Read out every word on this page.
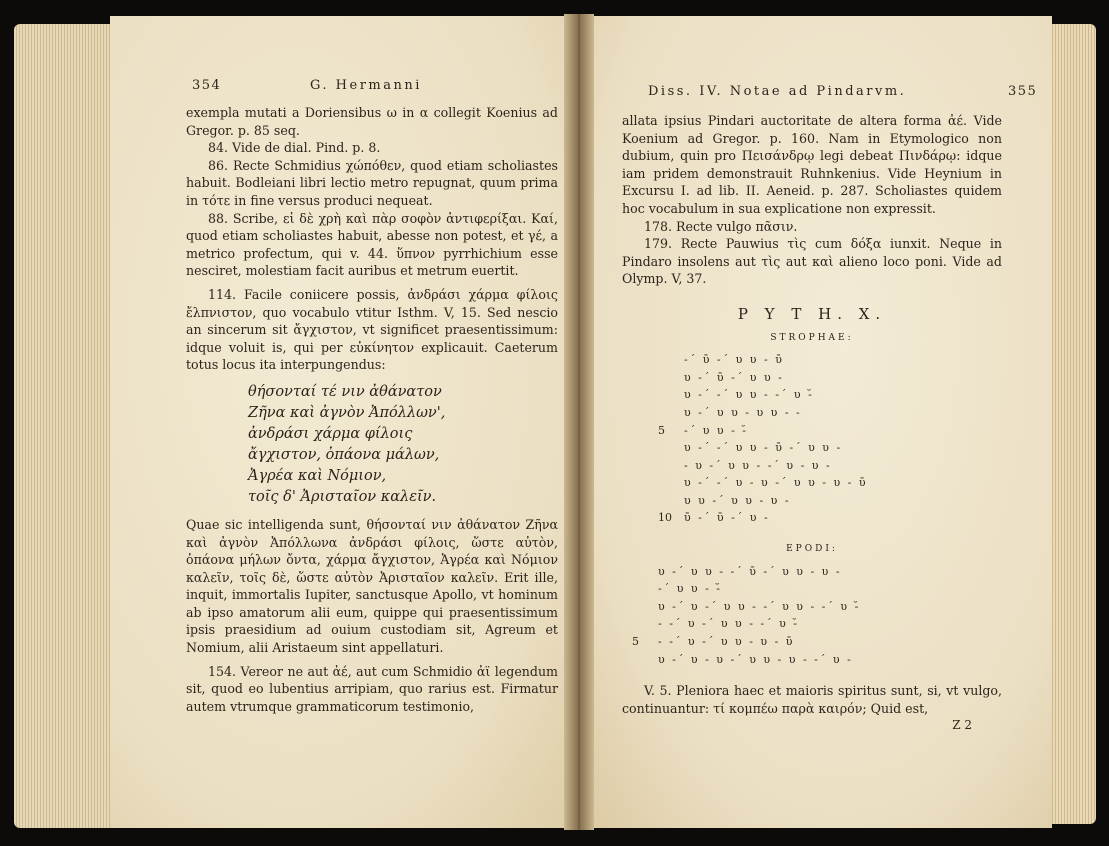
354	G. Hermanni

exempla mutati a Doriensibus ω in α collegit Koenius ad Gregor. p. 85 seq.

84. Vide de dial. Pind. p. 8.

86. Recte Schmidius χώπόθεν, quod etiam scholiastes habuit. Bodleiani libri lectio metro repugnat, quum prima in τότε in fine versus produci nequeat.

88. Scribe, εἰ δὲ χρὴ καὶ πὰρ σοφὸν ἀντιφερίξαι. Καί, quod etiam scholiastes habuit, abesse non potest, et γέ, a metrico profectum, qui v. 44. ὕπνον pyrrhichium esse nesciret, molestiam facit auribus et metrum euertit.

114. Facile coniicere possis, ἀνδράσι χάρμα φίλοις ἔλπνιστον, quo vocabulo vtitur Isthm. V, 15. Sed nescio an sincerum sit ἄγχιστον, vt significet praesentissimum: idque voluit is, qui per εὐκίνητον explicauit. Caeterum totus locus ita interpungendus:

θήσονταί τέ νιν ἀθάνατον
Ζῆνα καὶ ἀγνὸν Ἀπόλλων',
ἀνδράσι χάρμα φίλοις
ἄγχιστον, ὀπάονα μάλων,
Ἀγρέα καὶ Νόμιον,
τοῖς δ' Ἀρισταῖον καλεῖν.

Quae sic intelligenda sunt, θήσονταί νιν ἀθάνατον Ζῆνα καὶ ἀγνὸν Ἀπόλλωνα ἀνδράσι φίλοις, ὥστε αὐτὸν, ὀπάονα μήλων ὄντα, χάρμα ἄγχιστον, Ἀγρέα καὶ Νόμιον καλεῖν, τοῖς δὲ, ὥστε αὐτὸν Ἀρισταῖον καλεῖν. Erit ille, inquit, immortalis Iupiter, sanctusque Apollo, vt hominum ab ipso amatorum alii eum, quippe qui praesentissimum ipsis praesidium ad ouium custodiam sit, Agreum et Nomium, alii Aristaeum sint appellaturi.

154. Vereor ne aut ἀέ, aut cum Schmidio ἀϊ legendum sit, quod eo lubentius arripiam, quo rarius est. Firmatur autem vtrumque grammaticorum testimonio,

Diss. IV. Notae ad Pindarvm.	355

allata ipsius Pindari auctoritate de altera forma ἀέ. Vide Koenium ad Gregor. p. 160. Nam in Etymologico non dubium, quin pro Πεισάνδρῳ legi debeat Πινδάρῳ: idque iam pridem demonstrauit Ruhnkenius. Vide Heynium in Excursu I. ad lib. II. Aeneid. p. 287. Scholiastes quidem hoc vocabulum in sua explicatione non expressit.

178. Recte vulgo πᾶσιν.

179. Recte Pauwius τὶς cum δόξα iunxit. Neque in Pindaro insolens aut τὶς aut καὶ alieno loco poni. Vide ad Olymp. V, 37.

P Y T H. X.
STROPHAE:
-´ ῡ -´ υ υ - ῡ
υ -´ ῡ -´ υ υ -
υ -´ -´ υ υ - -´ υ -̆
υ -´ υ υ - υ υ - -
5 -´ υ υ - -̆
υ -´ -´ υ υ - ῡ -´ υ υ -
- υ -´ υ υ - -´ υ - υ -
υ -´ -´ υ - υ -´ υ υ - υ - ῡ
υ υ -´ υ υ - υ -
10 ῡ -´ ῡ -´ υ -
EPODI:
υ -´ υ υ - -´ ῡ -´ υ υ - υ -
-´ υ υ - -̆
υ -´ υ -´ υ υ - -´ υ υ - -´ υ -̆
- -´ υ -´ υ υ - -´ υ -̆
5 - -´ υ -´ υ υ - υ - ῡ
υ -´ υ - υ -´ υ υ - υ - -´ υ -

V. 5. Pleniora haec et maioris spiritus sunt, si, vt vulgo, continuantur: τί κομπέω παρὰ καιρόν; Quid est,

Z 2
